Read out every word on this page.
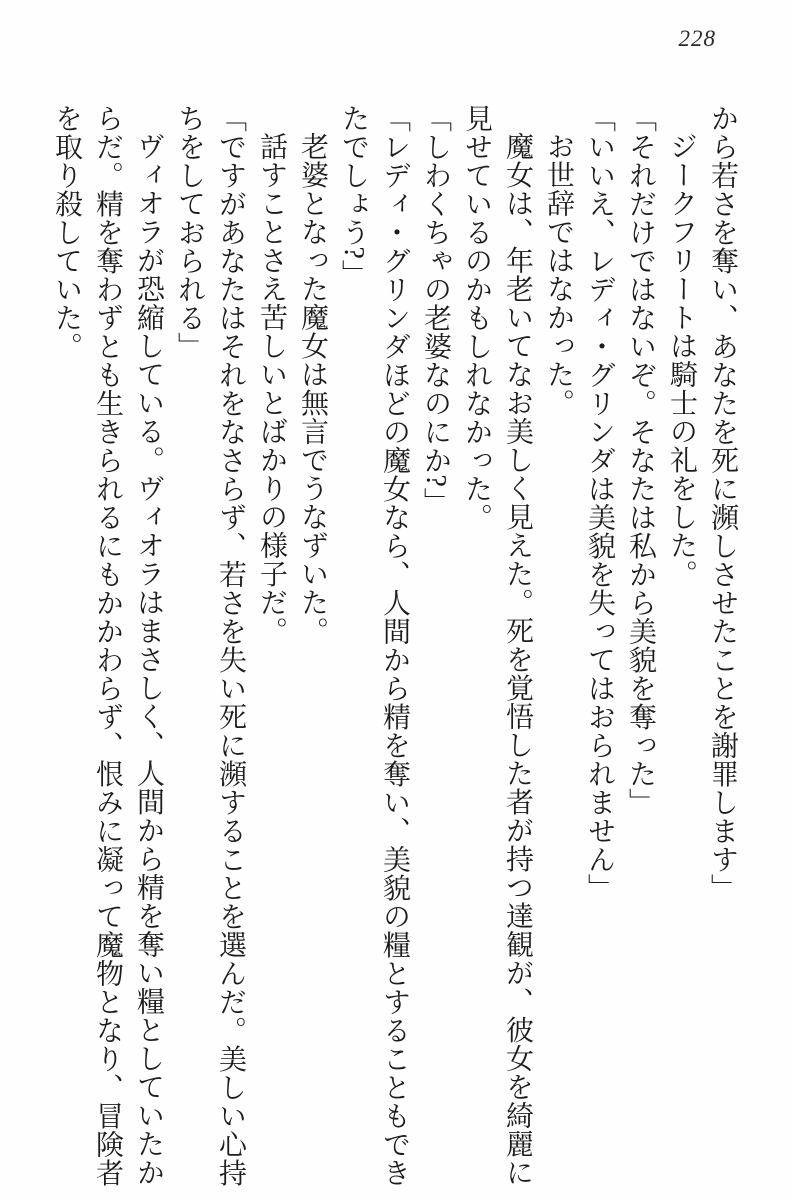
228
から若さを奪い、あなたを死に瀕しさせたことを謝罪します」
ジークフリートは騎士の礼をした。
「それだけではないぞ。そなたは私から美貌を奪った」
「いいえ、レディ・グリンダは美貌を失ってはおられません」
お世辞ではなかった。
魔女は、年老いてなお美しく見えた。死を覚悟した者が持つ達観が、彼女を綺麗に
見せているのかもしれなかった。
「しわくちゃの老婆なのにか?」
「レディ・グリンダほどの魔女なら、人間から精を奪い、美貌の糧とすることもでき
たでしょう?」
老婆となった魔女は無言でうなずいた。
話すことさえ苦しいとばかりの様子だ。
「ですがあなたはそれをなさらず、若さを失い死に瀕することを選んだ。美しい心持
ちをしておられる」
ヴィオラが恐縮している。ヴィオラはまさしく、人間から精を奪い糧としていたか
らだ。精を奪わずとも生きられるにもかかわらず、恨みに凝って魔物となり、冒険者
を取り殺していた。
